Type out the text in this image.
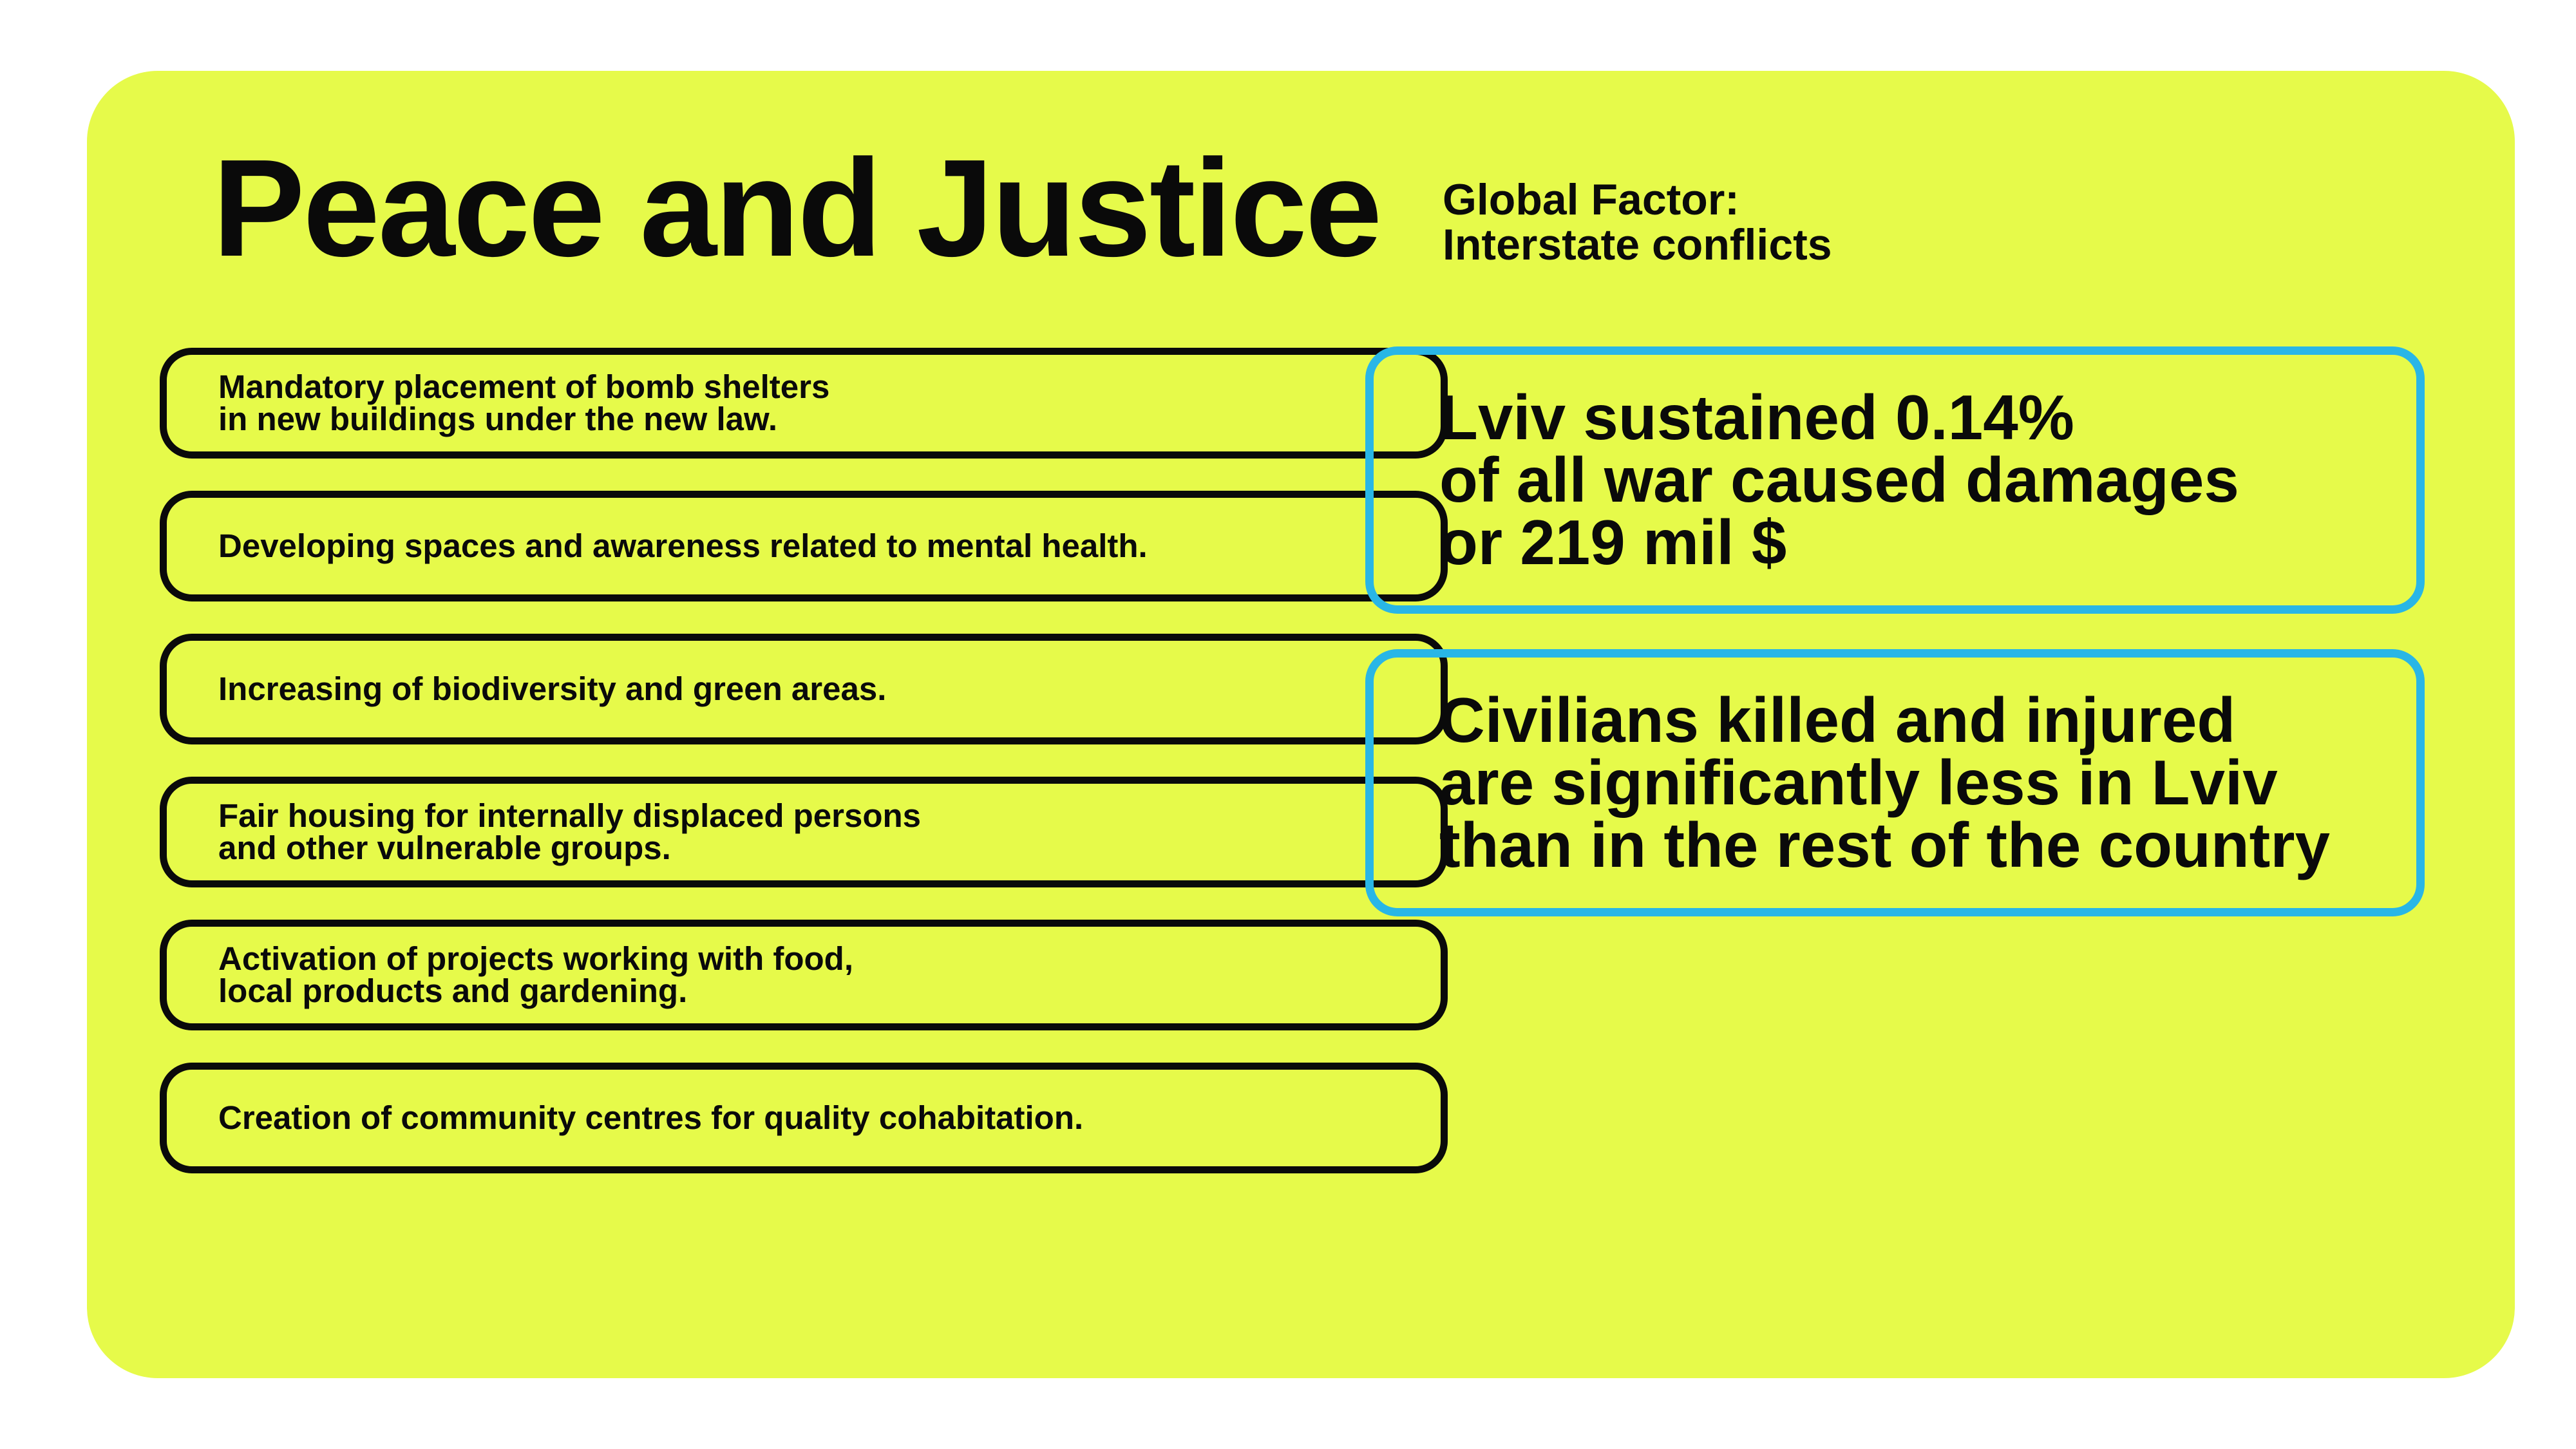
Peace and Justice Global Factor:
Interstate conflicts
Mandatory placement of bomb shelters
in new buildings under the new law.
Developing spaces and awareness related to mental health.
Increasing of biodiversity and green areas.
Fair housing for internally displaced persons
and other vulnerable groups.
Activation of projects working with food,
local products and gardening.
Creation of community centres for quality cohabitation.
Lviv sustained 0.14%
of all war caused damages
or 219 mil $
Civilians killed and injured
are significantly less in Lviv
than in the rest of the country
